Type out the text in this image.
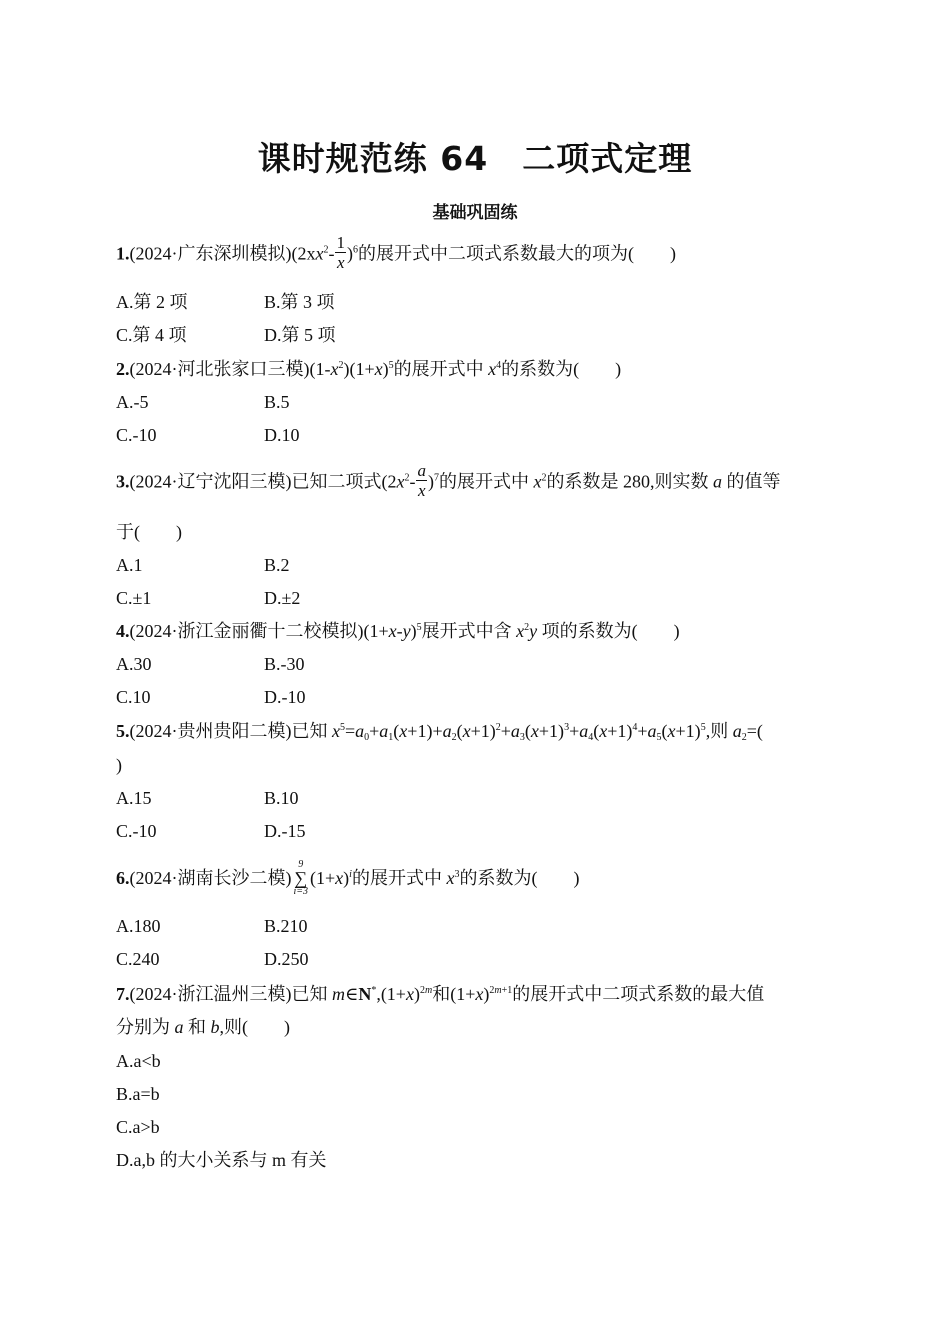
课时规范练 64　二项式定理
基础巩固练
1.(2024·广东深圳模拟)$(2xx^2- \frac{1}{x} )^6$的展开式中二项式系数最大的项为(　　)
A.第 2 项	B.第 3 项
C.第 4 项	D.第 5 项
2.(2024·河北张家口三模)$(1-x^2)(1+x)^5$的展开式中 $x^4$的系数为(　　)
A.-5	B.5
C.-10	D.10
3.(2024·辽宁沈阳三模)已知二项式$(2x^2- \frac{a}{x} )^7$的展开式中 $x^2$的系数是 280,则实数 a 的值等
于(　　)
A.1	B.2
C.±1	D.±2
4.(2024·浙江金丽衢十二校模拟)$(1+x-y)^5$展开式中含 $x^2y$ 项的系数为(　　)
A.30	B.-30
C.10	D.-10
5.(2024·贵州贵阳二模)已知 $x^5=a_0+a_1(x+1)+a_2(x+1)^2+a_3(x+1)^3+a_4(x+1)^4+a_5(x+1)^5$,则 $a_2=$(
)
A.15	B.10
C.-10	D.-15
6.(2024·湖南长沙二模)
9
∑
i=3
$(1+x)^i$的展开式中 $x^3$的系数为(　　)
A.180	B.210
C.240	D.250
7.(2024·浙江温州三模)已知 $m\in N^*,(1+x)^{2m}$和$(1+x)^{2m+1}$的展开式中二项式系数的最大值
分别为 a 和 b,则(　　)
A.a<b
B.a=b
C.a>b
D.a,b 的大小关系与 m 有关
